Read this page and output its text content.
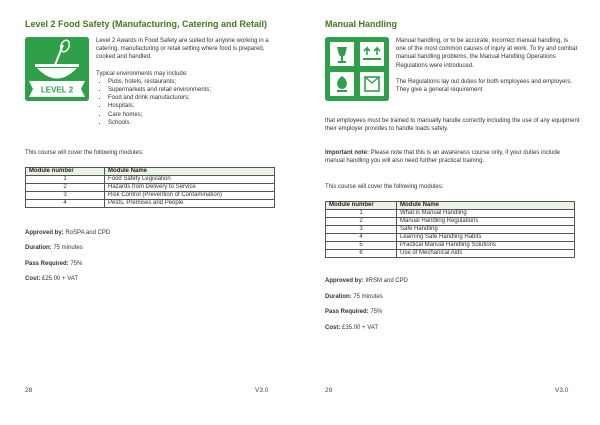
Level 2 Food Safety (Manufacturing, Catering and Retail)
LEVEL 2

Level 2 Awards in Food Safety are suited for anyone working in a catering, manufacturing or retail setting where food is prepared, cooked and handled.

Typical environments may include:

• Pubs, hotels, restaurants;
• Supermarkets and retail environments;
• Food and drink manufacturers;
• Hospitals;
• Care homes;
• Schools.
This course will cover the following modules:
Module number	Module Name
1	Food Safety Legislation
2	Hazards from Delivery to Service
3	Risk Control (Prevention of Contamination)
4	Pests, Premises and People
Approved by: RoSPA and CPD
Duration: 75 minutes
Pass Required: 75%
Cost: £25.00 + VAT
28	V3.0
Manual Handling

Manual handling, or to be accurate, incorrect manual handling, is one of the most common causes of injury at work. To try and combat manual handling problems, the Manual Handling Operations Regulations were introduced.

The Regulations lay out duties for both employees and employers. They give a general requirement

that employees must be trained to manually handle correctly including the use of any equipment their employer provides to handle loads safely.
Important note: Please note that this is an awareness course only, if your duties include manual handling you will also need further practical training.
This course will cover the following modules:
Module number	Module Name
1	What is Manual Handling
2	Manual Handling Regulations
3	Safe Handling
4	Learning Safe Handling Habits
5	Practical Manual Handling Solutions
6	Use of Mechanical Aids
Approved by: IIRSM and CPD
Duration: 75 minutes
Pass Required: 75%
Cost: £35.00 + VAT
29	V3.0
